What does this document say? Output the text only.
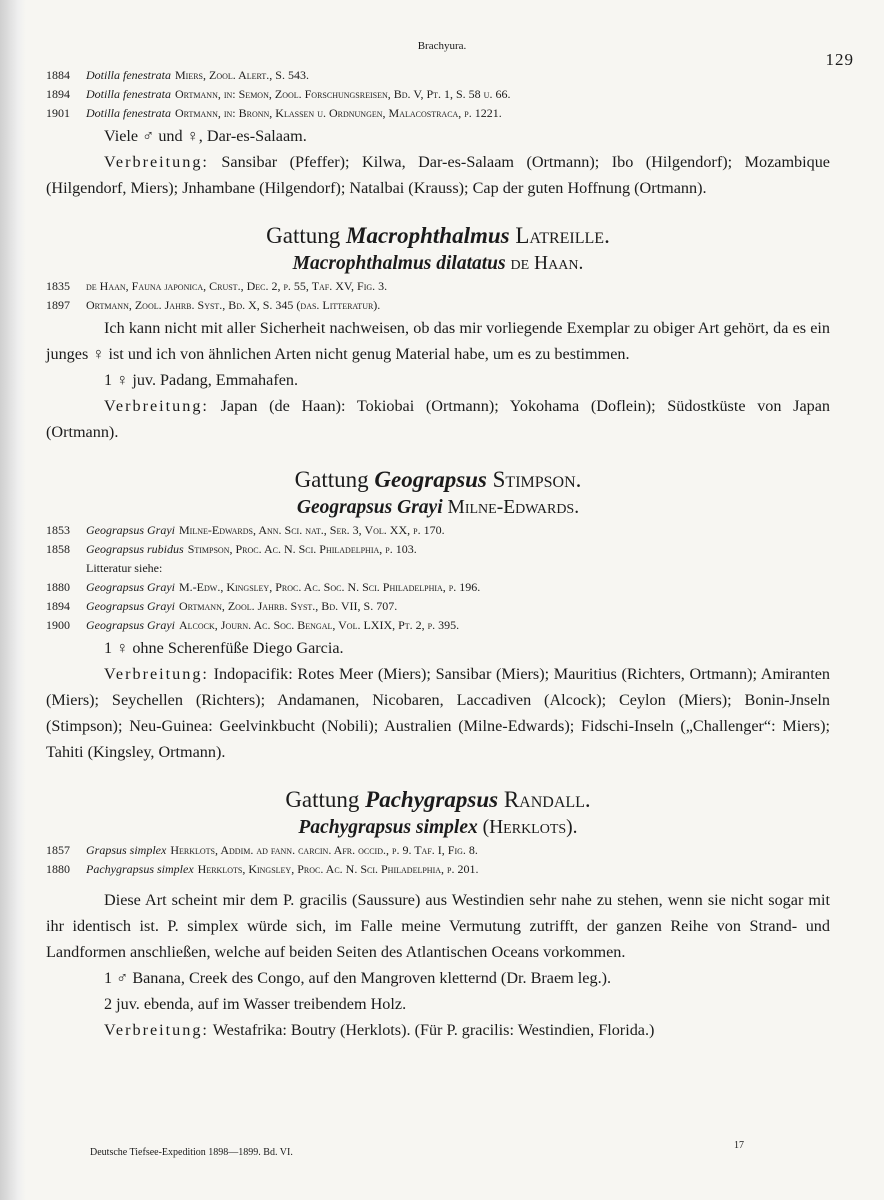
Brachyura.
129
1884 Dotilla fenestrata Miers, Zool. Alert., S. 543.
1894 Dotilla fenestrata Ortmann, in: Semon, Zool. Forschungsreisen, Bd. V, Pt. 1, S. 58 u. 66.
1901 Dotilla fenestrata Ortmann, in: Bronn, Klassen u. Ordnungen, Malacostraca, p. 1221.
Viele ♂ und ♀, Dar-es-Salaam.
Verbreitung: Sansibar (Pfeffer); Kilwa, Dar-es-Salaam (Ortmann); Ibo (Hilgendorf); Mozambique (Hilgendorf, Miers); Jnhambane (Hilgendorf); Natalbai (Krauss); Cap der guten Hoffnung (Ortmann).
Gattung Macrophthalmus Latreille.
Macrophthalmus dilatatus de Haan.
1835 de Haan, Fauna japonica, Crust., Dec. 2, p. 55, Taf. XV, Fig. 3.
1897 Ortmann, Zool. Jahrb. Syst., Bd. X, S. 345 (das. Litteratur).
Ich kann nicht mit aller Sicherheit nachweisen, ob das mir vorliegende Exemplar zu obiger Art gehört, da es ein junges ♀ ist und ich von ähnlichen Arten nicht genug Material habe, um es zu bestimmen.
1 ♀ juv. Padang, Emmahafen.
Verbreitung: Japan (de Haan): Tokiobai (Ortmann); Yokohama (Doflein); Südostküste von Japan (Ortmann).
Gattung Geograpsus Stimpson.
Geograpsus Grayi Milne-Edwards.
1853 Geograpsus Grayi Milne-Edwards, Ann. Sci. nat., Ser. 3, Vol. XX, p. 170.
1858 Geograpsus rubidus Stimpson, Proc. Ac. N. Sci. Philadelphia, p. 103.
Litteratur siehe:
1880 Geograpsus Grayi M.-Edw., Kingsley, Proc. Ac. Soc. N. Sci. Philadelphia, p. 196.
1894 Geograpsus Grayi Ortmann, Zool. Jahrb. Syst., Bd. VII, S. 707.
1900 Geograpsus Grayi Alcock, Journ. Ac. Soc. Bengal, Vol. LXIX, Pt. 2, p. 395.
1 ♀ ohne Scherenfüße Diego Garcia.
Verbreitung: Indopacifik: Rotes Meer (Miers); Sansibar (Miers); Mauritius (Richters, Ortmann); Amiranten (Miers); Seychellen (Richters); Andamanen, Nicobaren, Laccadiven (Alcock); Ceylon (Miers); Bonin-Jnseln (Stimpson); Neu-Guinea: Geelvinkbucht (Nobili); Australien (Milne-Edwards); Fidschi-Inseln („Challenger“: Miers); Tahiti (Kingsley, Ortmann).
Gattung Pachygrapsus Randall.
Pachygrapsus simplex (Herklots).
1857 Grapsus simplex Herklots, Addim. ad fann. carcin. Afr. occid., p. 9. Taf. I, Fig. 8.
1880 Pachygrapsus simplex Herklots, Kingsley, Proc. Ac. N. Sci. Philadelphia, p. 201.
Diese Art scheint mir dem P. gracilis (Saussure) aus Westindien sehr nahe zu stehen, wenn sie nicht sogar mit ihr identisch ist. P. simplex würde sich, im Falle meine Vermutung zutrifft, der ganzen Reihe von Strand- und Landformen anschließen, welche auf beiden Seiten des Atlantischen Oceans vorkommen.
1 ♂ Banana, Creek des Congo, auf den Mangroven kletternd (Dr. Braem leg.).
2 juv. ebenda, auf im Wasser treibendem Holz.
Verbreitung: Westafrika: Boutry (Herklots). (Für P. gracilis: Westindien, Florida.)
Deutsche Tiefsee-Expedition 1898—1899. Bd. VI.
17
